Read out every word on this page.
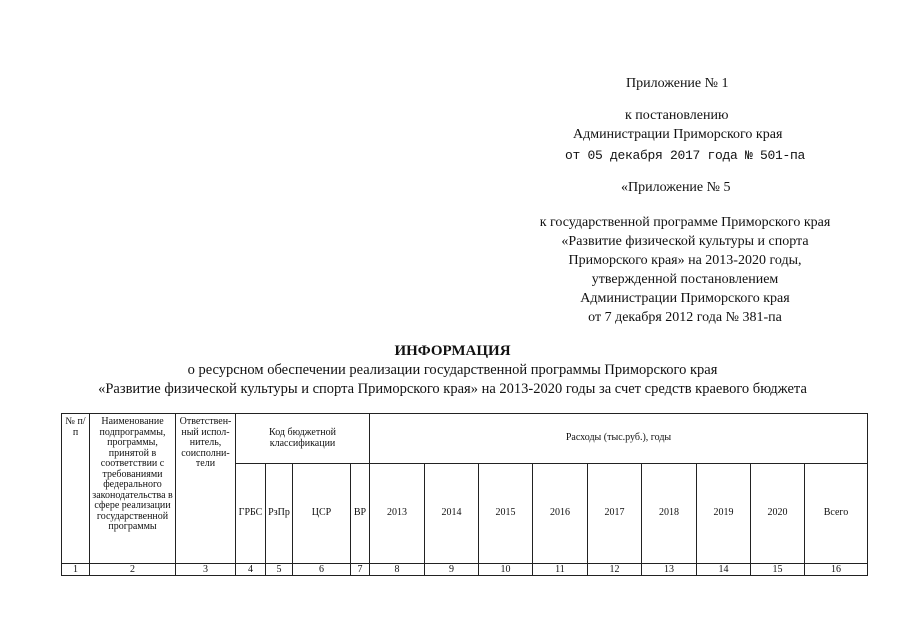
Приложение № 1
к постановлению
Администрации Приморского края
от 05 декабря 2017 года № 501-па
«Приложение № 5
к государственной программе Приморского края
«Развитие физической культуры и спорта
Приморского края» на 2013-2020 годы,
утвержденной постановлением
Администрации Приморского края
от 7 декабря 2012 года № 381-па
ИНФОРМАЦИЯ
о ресурсном обеспечении реализации государственной программы Приморского края
«Развитие физической культуры и спорта Приморского края» на 2013-2020 годы за счет средств краевого бюджета
№ п/п	Наименование подпрограммы, программы, принятой в соответствии с требованиями федерального законодательства в сфере реализации государственной программы	Ответствен-ный испол-нитель, соисполни-тели	Код бюджетной классификации				Расходы (тыс.руб.), годы								
			ГРБС	РзПр	ЦСР	ВР	2013	2014	2015	2016	2017	2018	2019	2020	Всего
1	2	3	4	5	6	7	8	9	10	11	12	13	14	15	16
